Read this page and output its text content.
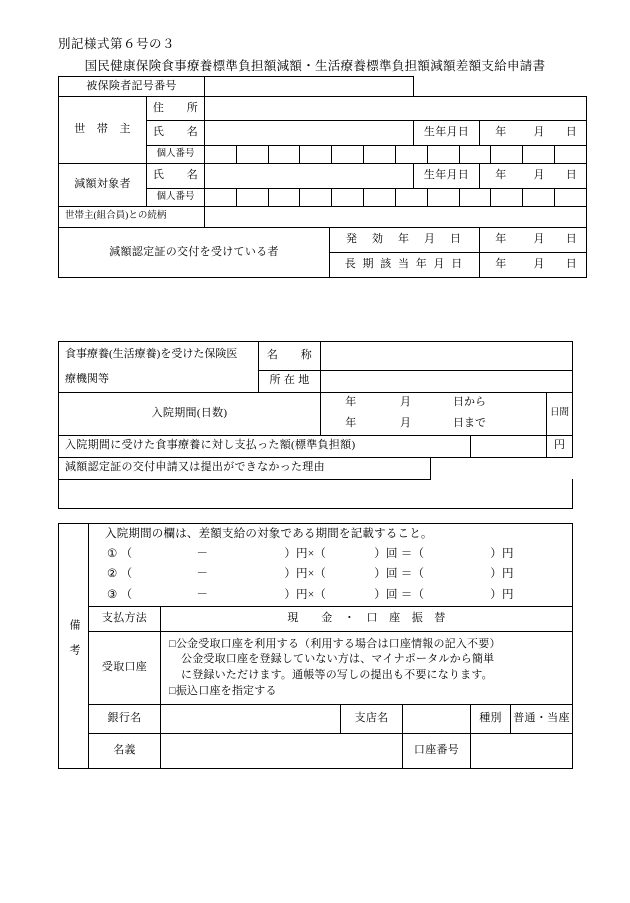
別記様式第６号の３
国民健康保険食事療養標準負担額減額・生活療養標準負担額減額差額支給申請書
被保険者記号番号							
世　帯　主	住　　所						
	氏　　名			生年月日	年	月	日
	個人番号						

減額対象者	氏　　名			生年月日	年	月	日
	個人番号						

世帯主(組合員)との続柄							
減額認定証の交付を受けている者			発　効　年　月　日		年	月	日
			長 期 該 当 年 月 日		年	月	日
食事療養(生活療養)を受けた保険医
療機関等	名　　称						
	所 在 地						
入院期間(日数)		年	月	日から			日間
		年	月	日まで			
入院期間に受けた食事療養に対し支払った額(標準負担額)							円
減額認定証の交付申請又は提出ができなかった理由							

備考	入院期間の欄は、差額支給の対象である期間を記載すること。					
	① （ － ）円×（ ）回 ＝（ ）円					
	② （ － ）円×（ ）回 ＝（ ）円					
	③ （ － ）円×（ ）回 ＝（ ）円					
	支払方法	現　　金　・　口　座　振　替				
	受取口座	□公金受取口座を利用する（利用する場合は口座情報の記入不要）
公金受取口座を登録していない方は、マイナポータルから簡単
に登録いただけます。通帳等の写しの提出も不要になります。
□振込口座を指定する				

	銀行名		支店名		種別	普通・当座
	名義			口座番号		
